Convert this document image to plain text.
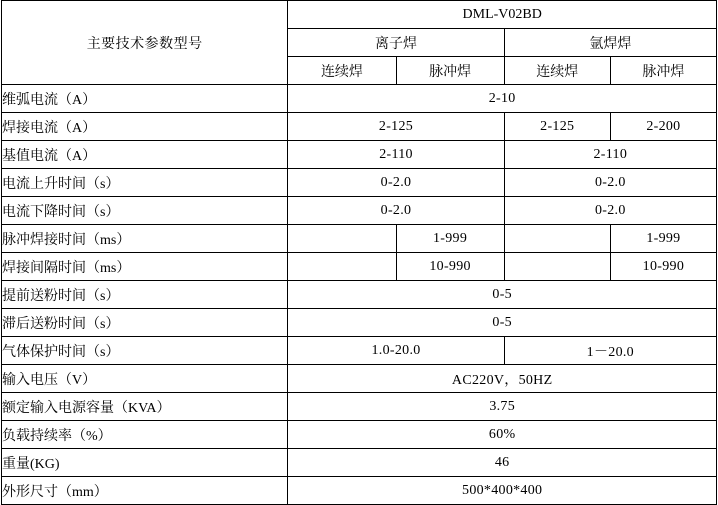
主要技术参数型号	DML-V02BD			
	离子焊		氩焊焊	
	连续焊	脉冲焊	连续焊	脉冲焊
维弧电流（A）	2-10			
焊接电流（A）	2-125		2-125	2-200
基值电流（A）	2-110		2-110	
电流上升时间（s）	0-2.0		0-2.0	
电流下降时间（s）	0-2.0		0-2.0	
脉冲焊接时间（ms）		1-999		1-999
焊接间隔时间（ms）		10-990		10-990
提前送粉时间（s）	0-5			
滞后送粉时间（s）	0-5			
气体保护时间（s）	1.0-20.0		1－20.0	
输入电压（V）	AC220V，50HZ			
额定输入电源容量（KVA）	3.75			
负载持续率（%）	60%			
重量(KG)	46			
外形尺寸（mm）	500*400*400			
